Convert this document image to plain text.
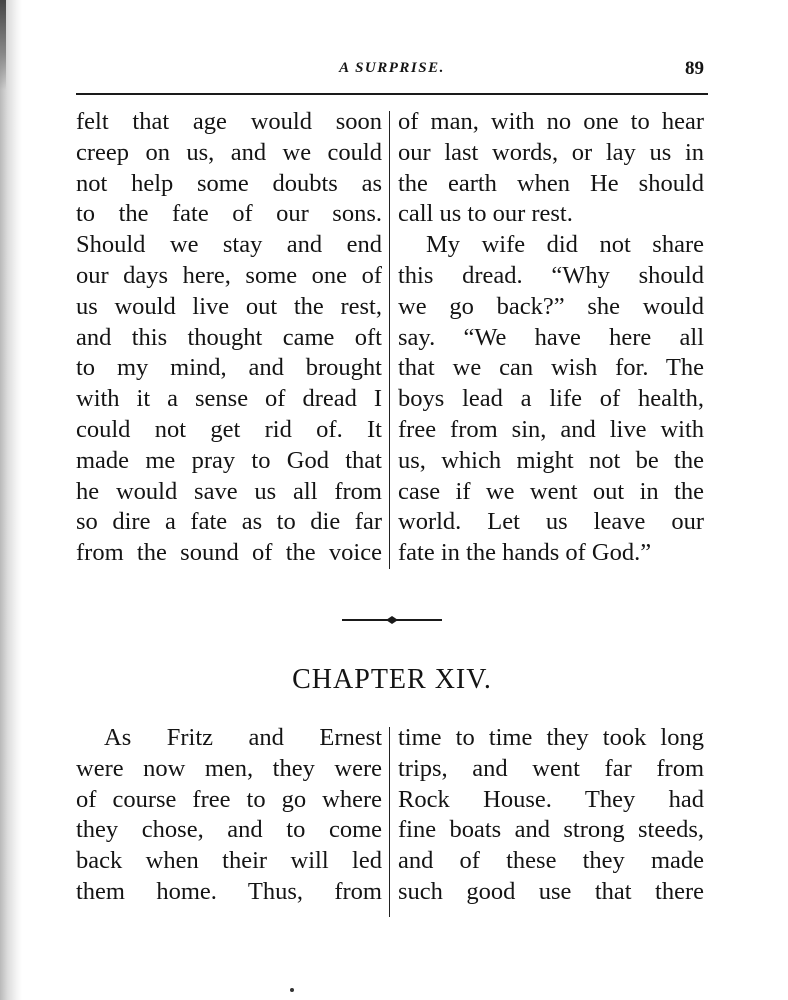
A SURPRISE.	89
felt that age would soon
creep on us, and we could
not help some doubts as
to the fate of our sons.
Should we stay and end
our days here, some one of
us would live out the rest,
and this thought came oft
to my mind, and brought
with it a sense of dread I
could not get rid of. It
made me pray to God that
he would save us all from
so dire a fate as to die far
from the sound of the voice
of man, with no one to hear
our last words, or lay us in
the earth when He should
call us to our rest.
My wife did not share
this dread. “Why should
we go back?” she would
say. “We have here all
that we can wish for. The
boys lead a life of health,
free from sin, and live with
us, which might not be the
case if we went out in the
world. Let us leave our
fate in the hands of God.”
CHAPTER XIV.
As Fritz and Ernest
were now men, they were
of course free to go where
they chose, and to come
back when their will led
them home. Thus, from
time to time they took long
trips, and went far from
Rock House. They had
fine boats and strong steeds,
and of these they made
such good use that there
